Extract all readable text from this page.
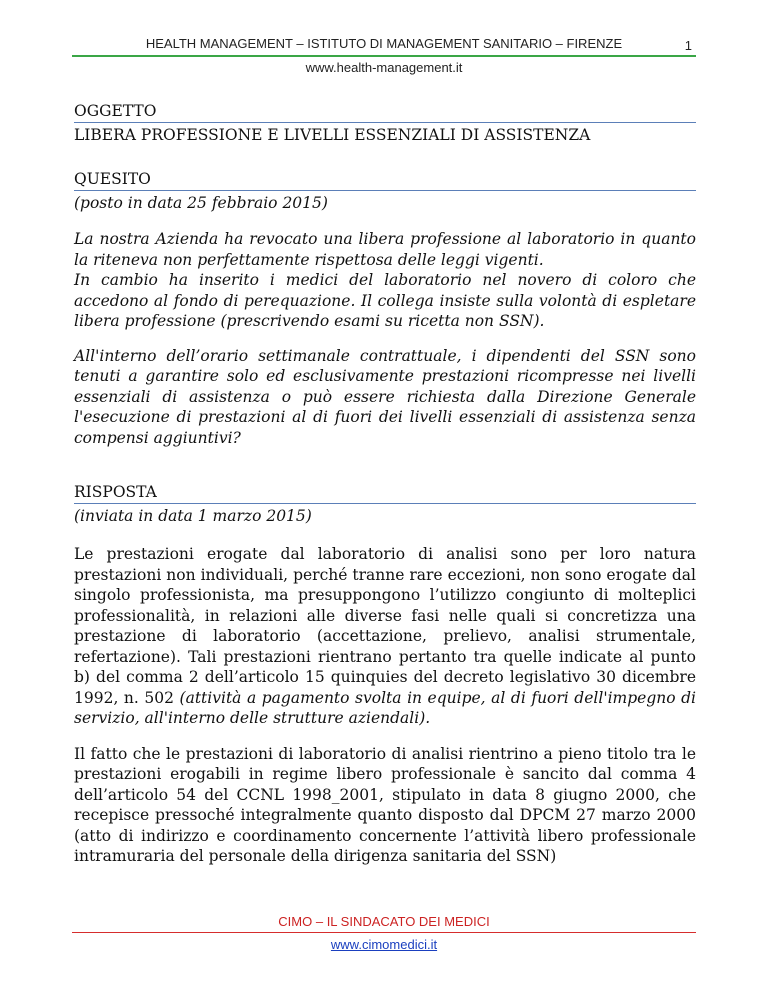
HEALTH MANAGEMENT – ISTITUTO DI MANAGEMENT SANITARIO – FIRENZE	1
www.health-management.it
OGGETTO
LIBERA PROFESSIONE E LIVELLI ESSENZIALI DI ASSISTENZA
QUESITO
(posto in data 25 febbraio 2015)

La nostra Azienda ha revocato una libera professione al laboratorio in quanto la riteneva non perfettamente rispettosa delle leggi vigenti.

In cambio ha inserito i medici del laboratorio nel novero di coloro che accedono al fondo di perequazione. Il collega insiste sulla volontà di espletare libera professione (prescrivendo esami su ricetta non SSN).

All'interno dell’orario settimanale contrattuale, i dipendenti del SSN sono tenuti a garantire solo ed esclusivamente prestazioni ricompresse nei livelli essenziali di assistenza o può essere richiesta dalla Direzione Generale l'esecuzione di prestazioni al di fuori dei livelli essenziali di assistenza senza compensi aggiuntivi?

RISPOSTA
(inviata in data 1 marzo 2015)

Le prestazioni erogate dal laboratorio di analisi sono per loro natura prestazioni non individuali, perché tranne rare eccezioni, non sono erogate dal singolo professionista, ma presuppongono l’utilizzo congiunto di molteplici professionalità, in relazioni alle diverse fasi nelle quali si concretizza una prestazione di laboratorio (accettazione, prelievo, analisi strumentale, refertazione). Tali prestazioni rientrano pertanto tra quelle indicate al punto b) del comma 2 dell’articolo 15 quinquies del decreto legislativo 30 dicembre 1992, n. 502 (attività a pagamento svolta in equipe, al di fuori dell'impegno di servizio, all'interno delle strutture aziendali).

Il fatto che le prestazioni di laboratorio di analisi rientrino a pieno titolo tra le prestazioni erogabili in regime libero professionale è sancito dal comma 4 dell’articolo 54 del CCNL 1998_2001, stipulato in data 8 giugno 2000, che recepisce pressoché integralmente quanto disposto dal DPCM 27 marzo 2000 (atto di indirizzo e coordinamento concernente l’attività libero professionale intramuraria del personale della dirigenza sanitaria del SSN)

CIMO – IL SINDACATO DEI MEDICI
www.cimomedici.it
